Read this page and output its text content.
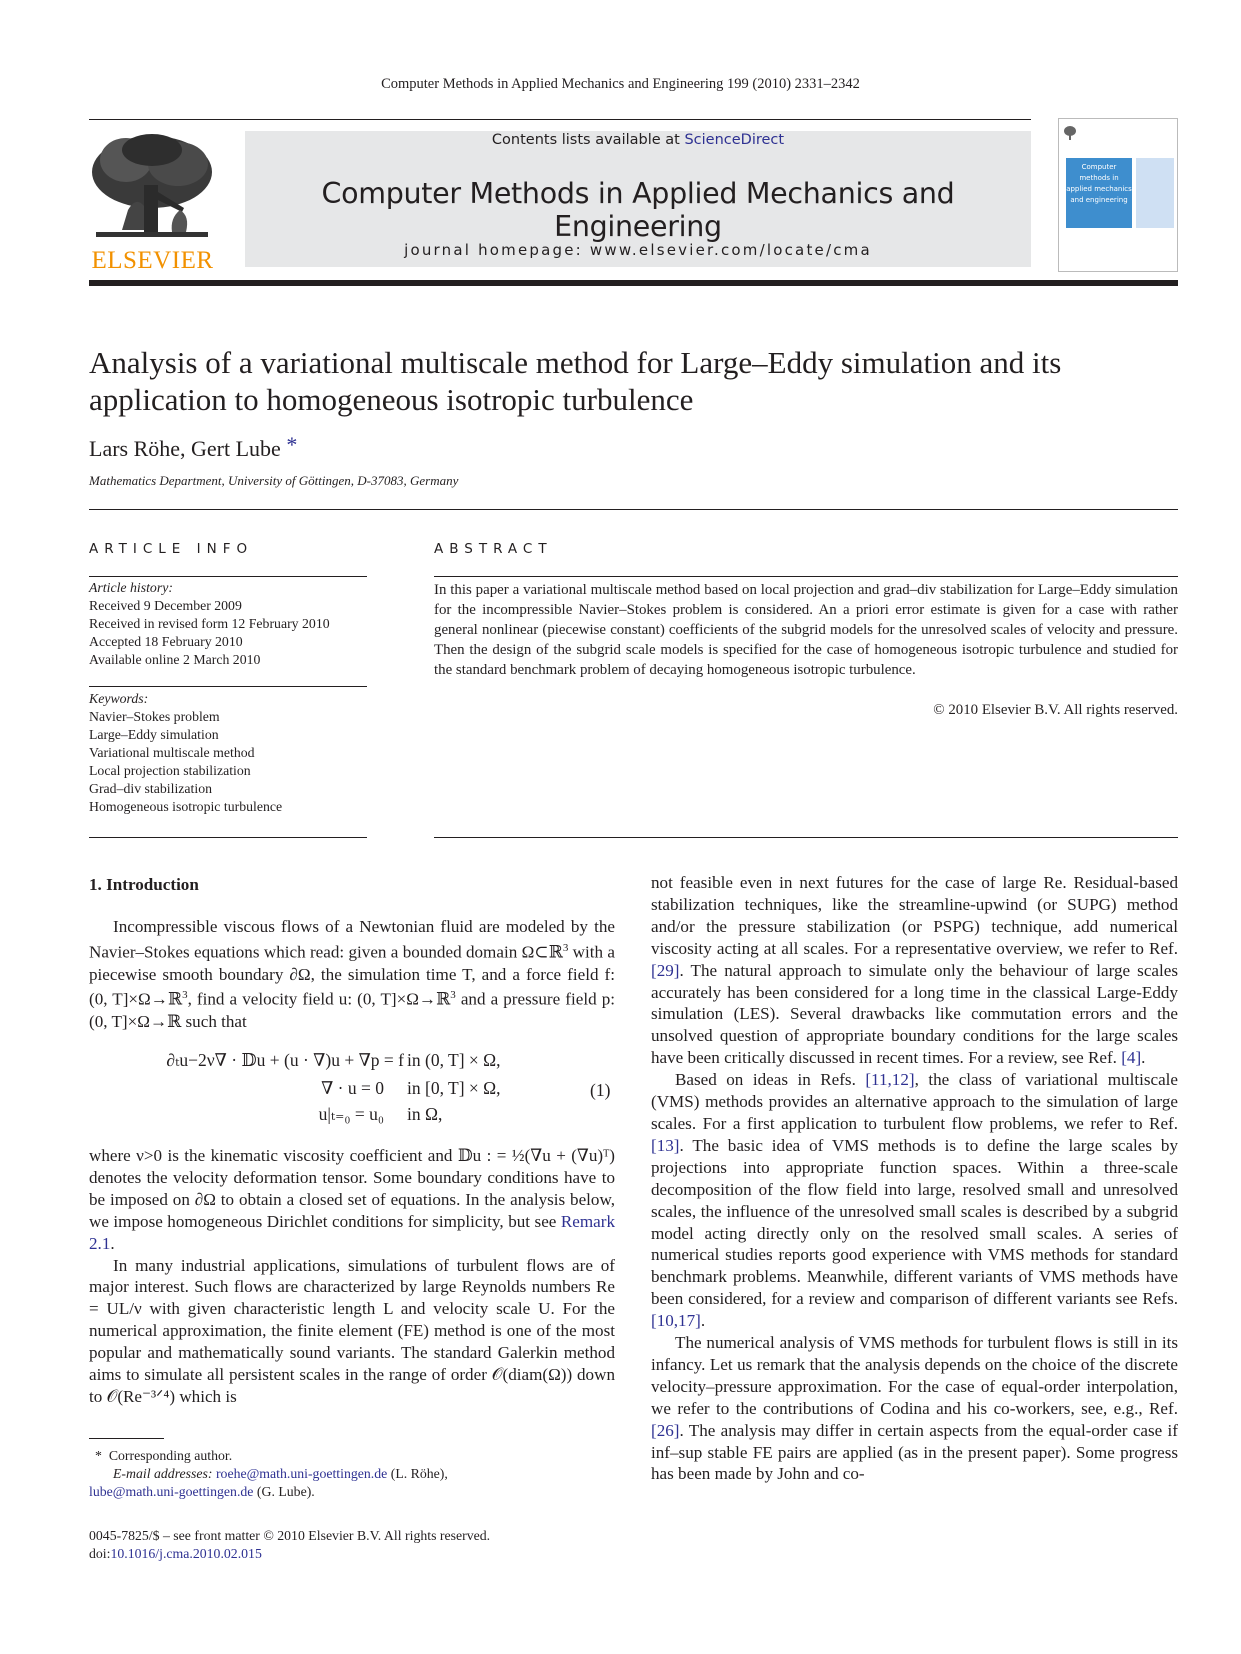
Computer Methods in Applied Mechanics and Engineering 199 (2010) 2331–2342
Contents lists available at ScienceDirect
Computer Methods in Applied Mechanics and Engineering
journal homepage: www.elsevier.com/locate/cma
ELSEVIER
Computer methods in applied mechanics and engineering
Analysis of a variational multiscale method for Large–Eddy simulation and its application to homogeneous isotropic turbulence
Lars Röhe, Gert Lube *
Mathematics Department, University of Göttingen, D-37083, Germany
ARTICLE INFO
Article history:
Received 9 December 2009
Received in revised form 12 February 2010
Accepted 18 February 2010
Available online 2 March 2010
Keywords:
Navier–Stokes problem
Large–Eddy simulation
Variational multiscale method
Local projection stabilization
Grad–div stabilization
Homogeneous isotropic turbulence
ABSTRACT
In this paper a variational multiscale method based on local projection and grad–div stabilization for Large–Eddy simulation for the incompressible Navier–Stokes problem is considered. An a priori error estimate is given for a case with rather general nonlinear (piecewise constant) coefficients of the subgrid models for the unresolved scales of velocity and pressure. Then the design of the subgrid scale models is specified for the case of homogeneous isotropic turbulence and studied for the standard benchmark problem of decaying homogeneous isotropic turbulence.
© 2010 Elsevier B.V. All rights reserved.
1. Introduction

Incompressible viscous flows of a Newtonian fluid are modeled by the Navier–Stokes equations which read: given a bounded domain Ω⊂ℝ$^3$ with a piecewise smooth boundary ∂Ω, the simulation time T, and a force field f: (0, T]×Ω→ℝ$^3$, find a velocity field u: (0, T]×Ω→ℝ$^3$ and a pressure field p: (0, T]×Ω→ℝ such that

∂ₜu−2ν∇ · 𝔻u + (u · ∇)u + ∇p = f in (0, T] × Ω,
∇ · u = 0 in [0, T] × Ω,
u|ₜ₌₀ = u₀ in Ω,
(1)

where ν>0 is the kinematic viscosity coefficient and 𝔻u : = ½(∇u + (∇u)ᵀ) denotes the velocity deformation tensor. Some boundary conditions have to be imposed on ∂Ω to obtain a closed set of equations. In the analysis below, we impose homogeneous Dirichlet conditions for simplicity, but see Remark 2.1.

In many industrial applications, simulations of turbulent flows are of major interest. Such flows are characterized by large Reynolds numbers Re = UL/ν with given characteristic length L and velocity scale U. For the numerical approximation, the finite element (FE) method is one of the most popular and mathematically sound variants. The standard Galerkin method aims to simulate all persistent scales in the range of order 𝒪(diam(Ω)) down to 𝒪(Re⁻³ᐟ⁴) which is

* Corresponding author.
E-mail addresses: roehe@math.uni-goettingen.de (L. Röhe),
lube@math.uni-goettingen.de (G. Lube).
0045-7825/$ – see front matter © 2010 Elsevier B.V. All rights reserved.
doi:10.1016/j.cma.2010.02.015

not feasible even in next futures for the case of large Re. Residual-based stabilization techniques, like the streamline-upwind (or SUPG) method and/or the pressure stabilization (or PSPG) technique, add numerical viscosity acting at all scales. For a representative overview, we refer to Ref. [29]. The natural approach to simulate only the behaviour of large scales accurately has been considered for a long time in the classical Large-Eddy simulation (LES). Several drawbacks like commutation errors and the unsolved question of appropriate boundary conditions for the large scales have been critically discussed in recent times. For a review, see Ref. [4].

Based on ideas in Refs. [11,12], the class of variational multiscale (VMS) methods provides an alternative approach to the simulation of large scales. For a first application to turbulent flow problems, we refer to Ref. [13]. The basic idea of VMS methods is to define the large scales by projections into appropriate function spaces. Within a three-scale decomposition of the flow field into large, resolved small and unresolved scales, the influence of the unresolved small scales is described by a subgrid model acting directly only on the resolved small scales. A series of numerical studies reports good experience with VMS methods for standard benchmark problems. Meanwhile, different variants of VMS methods have been considered, for a review and comparison of different variants see Refs. [10,17].

The numerical analysis of VMS methods for turbulent flows is still in its infancy. Let us remark that the analysis depends on the choice of the discrete velocity–pressure approximation. For the case of equal-order interpolation, we refer to the contributions of Codina and his co-workers, see, e.g., Ref. [26]. The analysis may differ in certain aspects from the equal-order case if inf–sup stable FE pairs are applied (as in the present paper). Some progress has been made by John and co-
